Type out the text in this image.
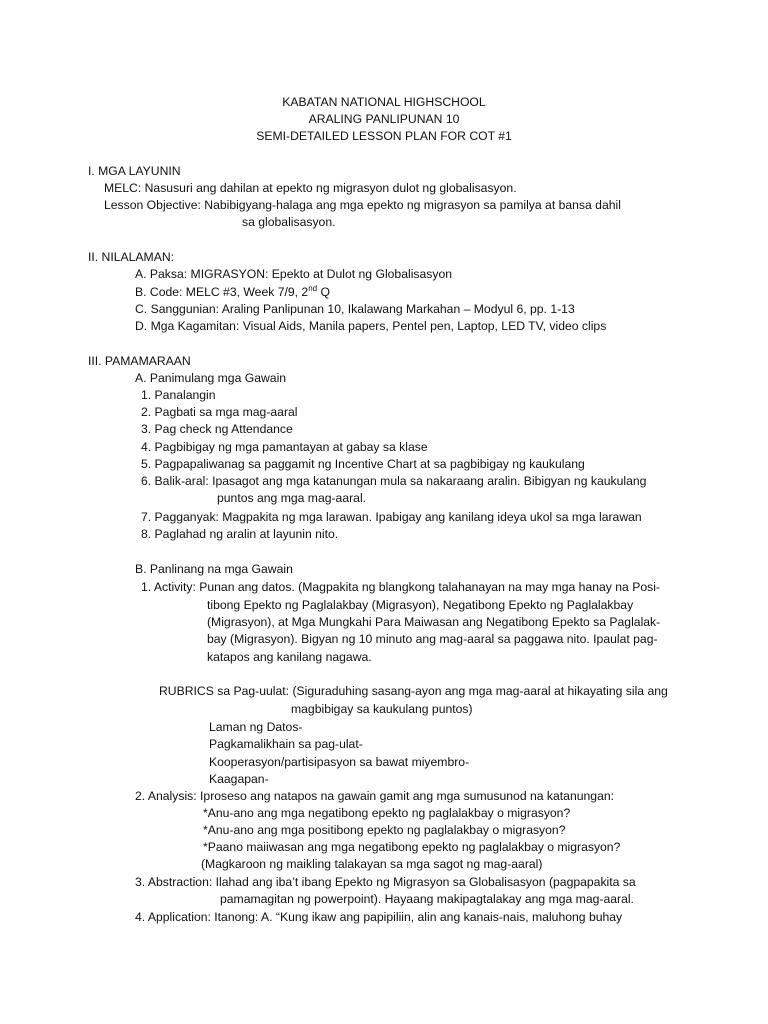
KABATAN NATIONAL HIGHSCHOOL
ARALING PANLIPUNAN 10
SEMI-DETAILED LESSON PLAN FOR COT #1
I. MGA LAYUNIN
MELC: Nasusuri ang dahilan at epekto ng migrasyon dulot ng globalisasyon.
Lesson Objective: Nabibigyang-halaga ang mga epekto ng migrasyon sa pamilya at bansa dahil
sa globalisasyon.
II. NILALAMAN:
A. Paksa: MIGRASYON: Epekto at Dulot ng Globalisasyon
B. Code: MELC #3, Week 7/9, 2nd Q
C. Sanggunian: Araling Panlipunan 10, Ikalawang Markahan – Modyul 6, pp. 1-13
D. Mga Kagamitan: Visual Aids, Manila papers, Pentel pen, Laptop, LED TV, video clips
III. PAMAMARAAN
A. Panimulang mga Gawain
1. Panalangin
2. Pagbati sa mga mag-aaral
3. Pag check ng Attendance
4. Pagbibigay ng mga pamantayan at gabay sa klase
5. Pagpapaliwanag sa paggamit ng Incentive Chart at sa pagbibigay ng kaukulang
6. Balik-aral: Ipasagot ang mga katanungan mula sa nakaraang aralin. Bibigyan ng kaukulang
puntos ang mga mag-aaral.
7. Pagganyak: Magpakita ng mga larawan. Ipabigay ang kanilang ideya ukol sa mga larawan
8. Paglahad ng aralin at layunin nito.
B. Panlinang na mga Gawain
1. Activity: Punan ang datos. (Magpakita ng blangkong talahanayan na may mga hanay na Posi-
tibong Epekto ng Paglalakbay (Migrasyon), Negatibong Epekto ng Paglalakbay
(Migrasyon), at Mga Mungkahi Para Maiwasan ang Negatibong Epekto sa Paglalak-
bay (Migrasyon). Bigyan ng 10 minuto ang mag-aaral sa paggawa nito. Ipaulat pag-
katapos ang kanilang nagawa.
RUBRICS sa Pag-uulat: (Siguraduhing sasang-ayon ang mga mag-aaral at hikayating sila ang
magbibigay sa kaukulang puntos)
Laman ng Datos-
Pagkamalikhain sa pag-ulat-
Kooperasyon/partisipasyon sa bawat miyembro-
Kaagapan-
2. Analysis: Iproseso ang natapos na gawain gamit ang mga sumusunod na katanungan:
*Anu-ano ang mga negatibong epekto ng paglalakbay o migrasyon?
*Anu-ano ang mga positibong epekto ng paglalakbay o migrasyon?
*Paano maiiwasan ang mga negatibong epekto ng paglalakbay o migrasyon?
(Magkaroon ng maikling talakayan sa mga sagot ng mag-aaral)
3. Abstraction: Ilahad ang iba’t ibang Epekto ng Migrasyon sa Globalisasyon (pagpapakita sa
pamamagitan ng powerpoint). Hayaang makipagtalakay ang mga mag-aaral.
4. Application: Itanong: A. “Kung ikaw ang papipiliin, alin ang kanais-nais, maluhong buhay
